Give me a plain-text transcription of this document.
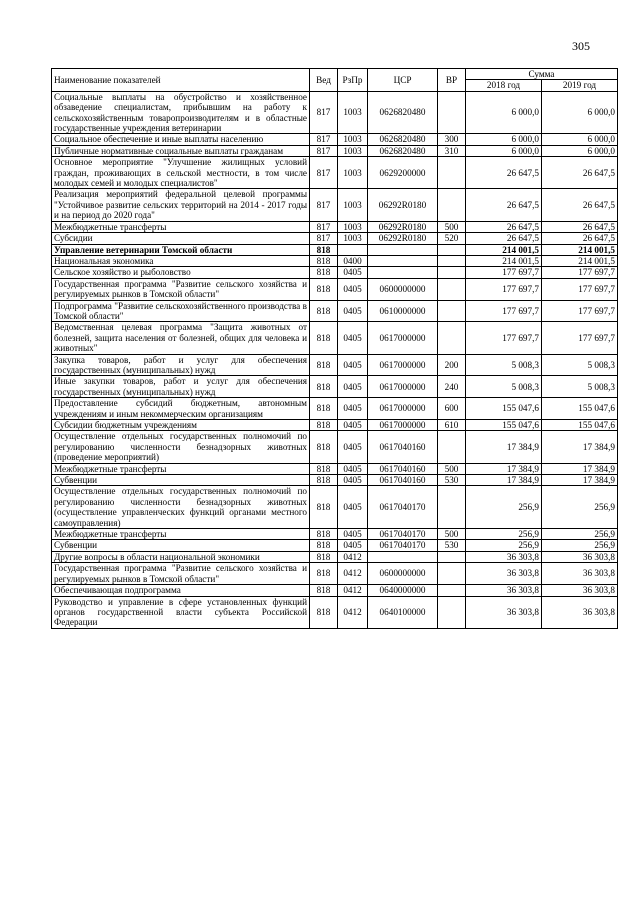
305
Наименование показателей	Вед	РзПр	ЦСР	ВР	Сумма	
					2018 год	2019 год
Социальные выплаты на обустройство и хозяйственное обзаведение специалистам, прибывшим на работу к сельскохозяйственным товаропроизводителям и в областные государственные учреждения ветеринарии	817	1003	0626820480		6 000,0	6 000,0
Социальное обеспечение и иные выплаты населению	817	1003	0626820480	300	6 000,0	6 000,0
Публичные нормативные социальные выплаты гражданам	817	1003	0626820480	310	6 000,0	6 000,0
Основное мероприятие "Улучшение жилищных условий граждан, проживающих в сельской местности, в том числе молодых семей и молодых специалистов"	817	1003	0629200000		26 647,5	26 647,5
Реализация мероприятий федеральной целевой программы "Устойчивое развитие сельских территорий на 2014 - 2017 годы и на период до 2020 года"	817	1003	06292R0180		26 647,5	26 647,5
Межбюджетные трансферты	817	1003	06292R0180	500	26 647,5	26 647,5
Субсидии	817	1003	06292R0180	520	26 647,5	26 647,5
Управление ветеринарии Томской области	818				214 001,5	214 001,5
Национальная экономика	818	0400			214 001,5	214 001,5
Сельское хозяйство и рыболовство	818	0405			177 697,7	177 697,7
Государственная программа "Развитие сельского хозяйства и регулируемых рынков в Томской области"	818	0405	0600000000		177 697,7	177 697,7
Подпрограмма "Развитие сельскохозяйственного производства в Томской области"	818	0405	0610000000		177 697,7	177 697,7
Ведомственная целевая программа "Защита животных от болезней, защита населения от болезней, общих для человека и животных"	818	0405	0617000000		177 697,7	177 697,7
Закупка товаров, работ и услуг для обеспечения государственных (муниципальных) нужд	818	0405	0617000000	200	5 008,3	5 008,3
Иные закупки товаров, работ и услуг для обеспечения государственных (муниципальных) нужд	818	0405	0617000000	240	5 008,3	5 008,3
Предоставление субсидий бюджетным, автономным учреждениям и иным некоммерческим организациям	818	0405	0617000000	600	155 047,6	155 047,6
Субсидии бюджетным учреждениям	818	0405	0617000000	610	155 047,6	155 047,6
Осуществление отдельных государственных полномочий по регулированию численности безнадзорных животных (проведение мероприятий)	818	0405	0617040160		17 384,9	17 384,9
Межбюджетные трансферты	818	0405	0617040160	500	17 384,9	17 384,9
Субвенции	818	0405	0617040160	530	17 384,9	17 384,9
Осуществление отдельных государственных полномочий по регулированию численности безнадзорных животных (осуществление управленческих функций органами местного самоуправления)	818	0405	0617040170		256,9	256,9
Межбюджетные трансферты	818	0405	0617040170	500	256,9	256,9
Субвенции	818	0405	0617040170	530	256,9	256,9
Другие вопросы в области национальной экономики	818	0412			36 303,8	36 303,8
Государственная программа "Развитие сельского хозяйства и регулируемых рынков в Томской области"	818	0412	0600000000		36 303,8	36 303,8
Обеспечивающая подпрограмма	818	0412	0640000000		36 303,8	36 303,8
Руководство и управление в сфере установленных функций органов государственной власти субъекта Российской Федерации	818	0412	0640100000		36 303,8	36 303,8
